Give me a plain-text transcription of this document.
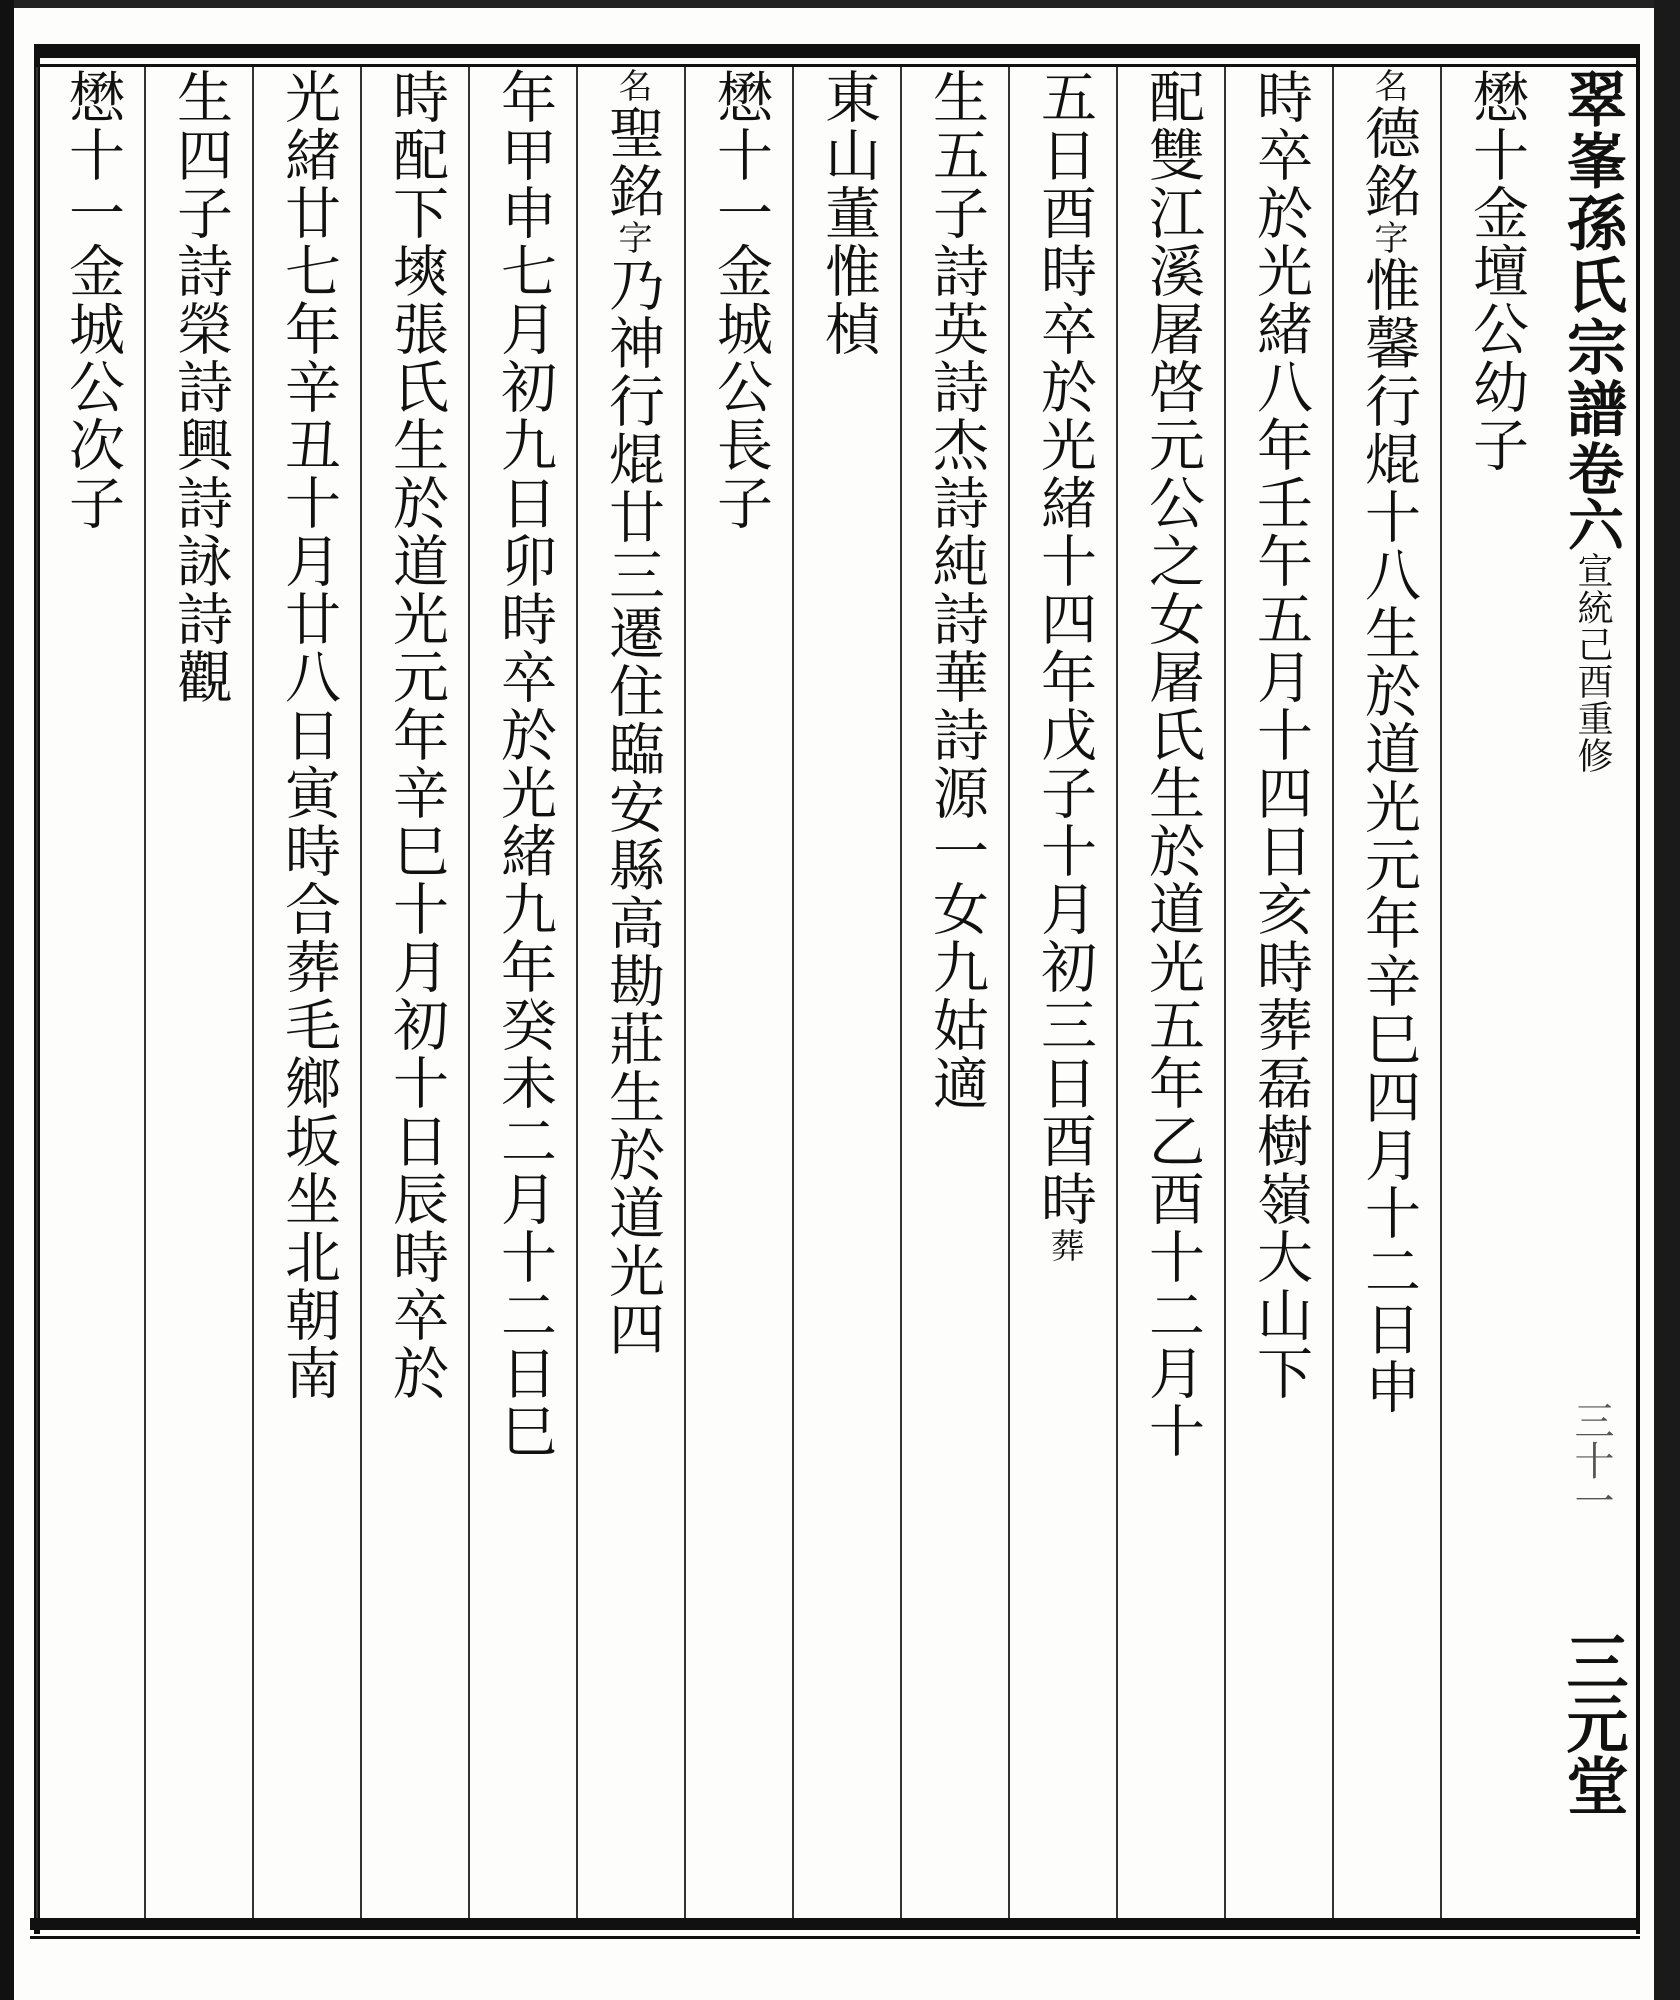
翠峯孫氏宗譜卷六宣統己酉重修
三十一
三元堂
懋十金壇公幼子
名德銘字惟馨行焜十八生於道光元年辛巳四月十二日申
時卒於光緒八年壬午五月十四日亥時葬磊樹嶺大山下
配雙江溪屠啓元公之女屠氏生於道光五年乙酉十二月十
五日酉時卒於光緒十四年戊子十月初三日酉時葬
生五子詩英詩杰詩純詩華詩源一女九姑適
東山董惟楨
懋十一金城公長子
名聖銘字乃神行焜廿三遷住臨安縣高勘莊生於道光四
年甲申七月初九日卯時卒於光緒九年癸未二月十二日巳
時配下塽張氏生於道光元年辛巳十月初十日辰時卒於
光緒廿七年辛丑十月廿八日寅時合葬毛鄉坂坐北朝南
生四子詩榮詩興詩詠詩觀
懋十一金城公次子
